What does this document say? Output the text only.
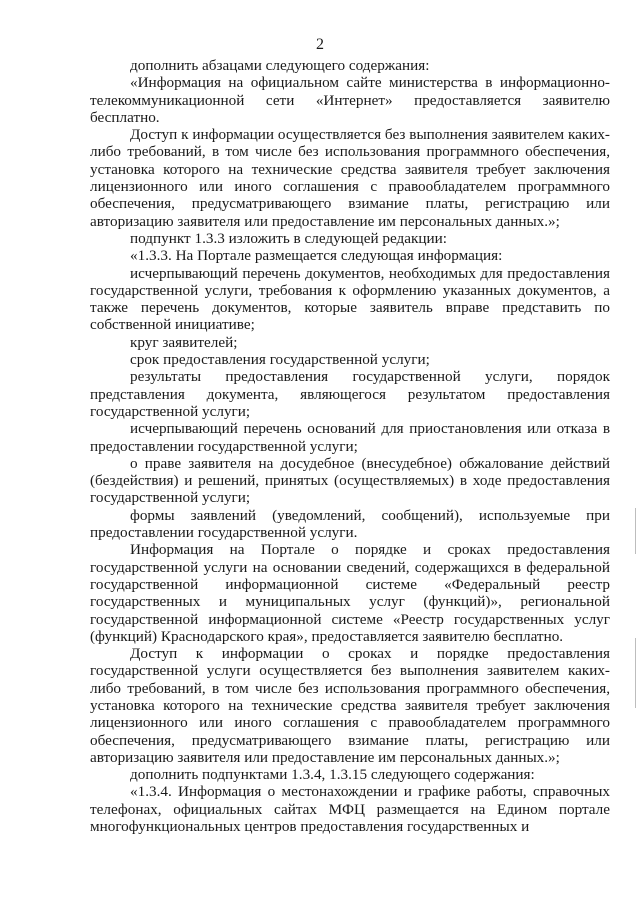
2

дополнить абзацами следующего содержания:

«Информация на официальном сайте министерства в информационно-телекоммуникационной сети «Интернет» предоставляется заявителю бесплатно.

Доступ к информации осуществляется без выполнения заявителем каких-либо требований, в том числе без использования программного обеспечения, установка которого на технические средства заявителя требует заключения лицензионного или иного соглашения с правообладателем программного обеспечения, предусматривающего взимание платы, регистрацию или авторизацию заявителя или предоставление им персональных данных.»;

подпункт 1.3.3 изложить в следующей редакции:

«1.3.3. На Портале размещается следующая информация:

исчерпывающий перечень документов, необходимых для предоставления государственной услуги, требования к оформлению указанных документов, а также перечень документов, которые заявитель вправе представить по собственной инициативе;

круг заявителей;

срок предоставления государственной услуги;

результаты предоставления государственной услуги, порядок представления документа, являющегося результатом предоставления государственной услуги;

исчерпывающий перечень оснований для приостановления или отказа в предоставлении государственной услуги;

о праве заявителя на досудебное (внесудебное) обжалование действий (бездействия) и решений, принятых (осуществляемых) в ходе предоставления государственной услуги;

формы заявлений (уведомлений, сообщений), используемые при предоставлении государственной услуги.

Информация на Портале о порядке и сроках предоставления государственной услуги на основании сведений, содержащихся в федеральной государственной информационной системе «Федеральный реестр государственных и муниципальных услуг (функций)», региональной государственной информационной системе «Реестр государственных услуг (функций) Краснодарского края», предоставляется заявителю бесплатно.

Доступ к информации о сроках и порядке предоставления государственной услуги осуществляется без выполнения заявителем каких-либо требований, в том числе без использования программного обеспечения, установка которого на технические средства заявителя требует заключения лицензионного или иного соглашения с правообладателем программного обеспечения, предусматривающего взимание платы, регистрацию или авторизацию заявителя или предоставление им персональных данных.»;

дополнить подпунктами 1.3.4, 1.3.15 следующего содержания:

«1.3.4. Информация о местонахождении и графике работы, справочных телефонах, официальных сайтах МФЦ размещается на Едином портале многофункциональных центров предоставления государственных и
